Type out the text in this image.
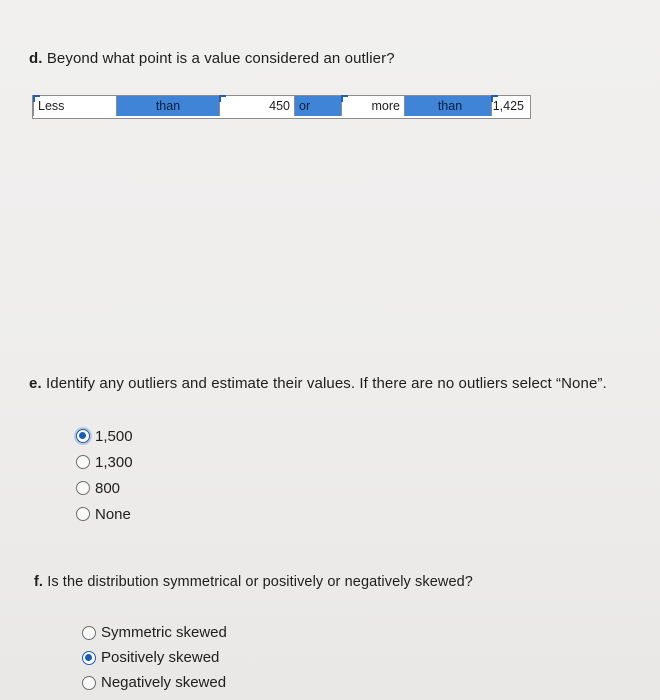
d. Beyond what point is a value considered an outlier?
Less	than	450 or	more	than	1,425
e. Identify any outliers and estimate their values. If there are no outliers select “None”.
1,500
1,300
800
None
f. Is the distribution symmetrical or positively or negatively skewed?
Symmetric skewed
Positively skewed
Negatively skewed
